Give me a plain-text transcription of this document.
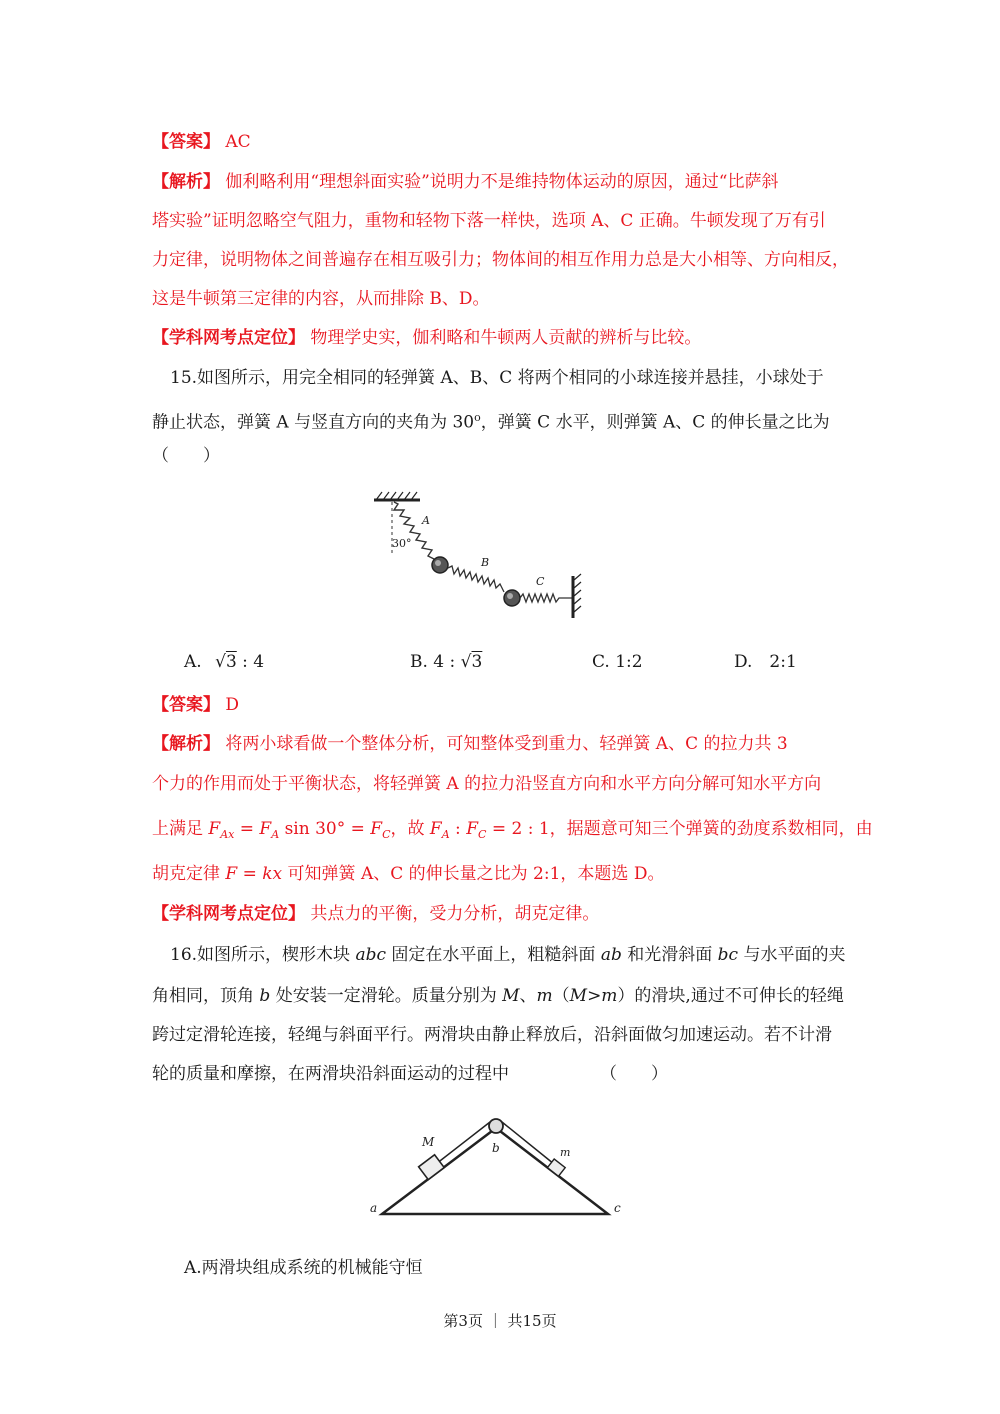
【答案】 AC
【解析】 伽利略利用“理想斜面实验”说明力不是维持物体运动的原因，通过“比萨斜
塔实验”证明忽略空气阻力，重物和轻物下落一样快，选项 A、C 正确。牛顿发现了万有引
力定律，说明物体之间普遍存在相互吸引力；物体间的相互作用力总是大小相等、方向相反，
这是牛顿第三定律的内容，从而排除 B、D。
【学科网考点定位】 物理学史实，伽利略和牛顿两人贡献的辨析与比较。
15.如图所示，用完全相同的轻弹簧 A、B、C 将两个相同的小球连接并悬挂，小球处于
静止状态，弹簧 A 与竖直方向的夹角为 30$^o$，弹簧 C 水平，则弹簧 A、C 的伸长量之比为
（　　）
A
30°
B
C
A. √3 : 4	B. 4 : √3	C. 1:2	D.　2:1
【答案】 D
【解析】 将两小球看做一个整体分析，可知整体受到重力、轻弹簧 A、C 的拉力共 3
个力的作用而处于平衡状态，将轻弹簧 A 的拉力沿竖直方向和水平方向分解可知水平方向
上满足 $F_{Ax} = F_A$ $\sin 30^\circ = F_C$，故 $F_A$ : $F_C = 2$ : 1，据题意可知三个弹簧的劲度系数相同，由
胡克定律 F = kx 可知弹簧 A、C 的伸长量之比为 2:1，本题选 D。
【学科网考点定位】 共点力的平衡，受力分析，胡克定律。
16.如图所示，楔形木块 abc 固定在水平面上，粗糙斜面 ab 和光滑斜面 bc 与水平面的夹
角相同，顶角 b 处安装一定滑轮。质量分别为 M、m（M>m）的滑块,通过不可伸长的轻绳
跨过定滑轮连接，轻绳与斜面平行。两滑块由静止释放后，沿斜面做匀加速运动。若不计滑
轮的质量和摩擦，在两滑块沿斜面运动的过程中	（　　）
a
b
c
M
m
A.两滑块组成系统的机械能守恒
第3页 ｜ 共15页
